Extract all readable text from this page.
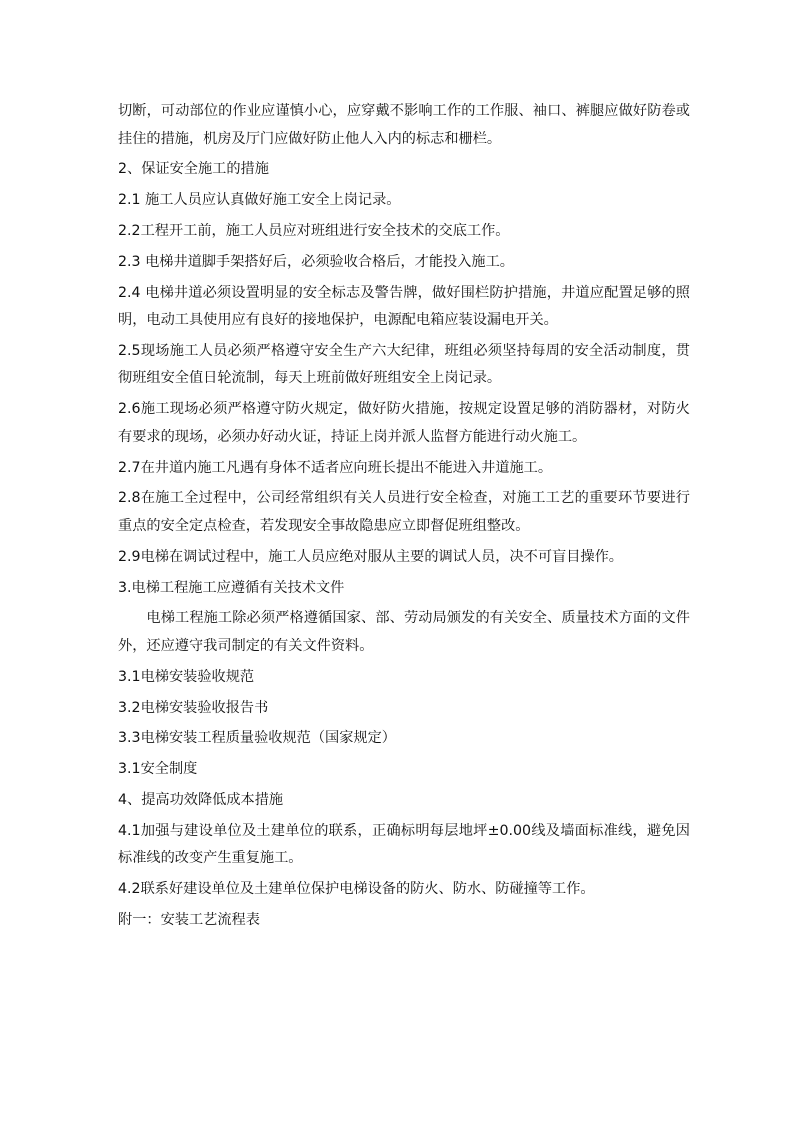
切断，可动部位的作业应谨慎小心，应穿戴不影响工作的工作服、袖口、裤腿应做好防卷或挂住的措施，机房及厅门应做好防止他人入内的标志和栅栏。

2、保证安全施工的措施

2.1 施工人员应认真做好施工安全上岗记录。

2.2工程开工前，施工人员应对班组进行安全技术的交底工作。

2.3 电梯井道脚手架搭好后，必须验收合格后，才能投入施工。

2.4 电梯井道必须设置明显的安全标志及警告牌，做好围栏防护措施，井道应配置足够的照明，电动工具使用应有良好的接地保护，电源配电箱应装设漏电开关。

2.5现场施工人员必须严格遵守安全生产六大纪律，班组必须坚持每周的安全活动制度，贯彻班组安全值日轮流制，每天上班前做好班组安全上岗记录。

2.6施工现场必须严格遵守防火规定，做好防火措施，按规定设置足够的消防器材，对防火有要求的现场，必须办好动火证，持证上岗并派人监督方能进行动火施工。

2.7在井道内施工凡遇有身体不适者应向班长提出不能进入井道施工。

2.8在施工全过程中，公司经常组织有关人员进行安全检查，对施工工艺的重要环节要进行重点的安全定点检查，若发现安全事故隐患应立即督促班组整改。

2.9电梯在调试过程中，施工人员应绝对服从主要的调试人员，决不可盲目操作。

3.电梯工程施工应遵循有关技术文件

电梯工程施工除必须严格遵循国家、部、劳动局颁发的有关安全、质量技术方面的文件外，还应遵守我司制定的有关文件资料。

3.1电梯安装验收规范

3.2电梯安装验收报告书

3.3电梯安装工程质量验收规范（国家规定）

3.1安全制度

4、提高功效降低成本措施

4.1加强与建设单位及土建单位的联系，正确标明每层地坪±0.00线及墙面标准线，避免因标准线的改变产生重复施工。

4.2联系好建设单位及土建单位保护电梯设备的防火、防水、防碰撞等工作。

附一：安装工艺流程表
